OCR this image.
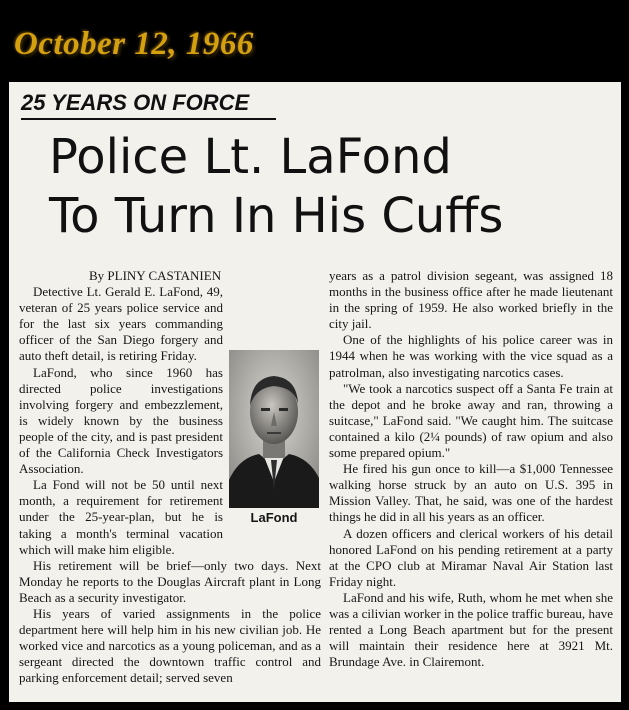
October 12, 1966
25 YEARS ON FORCE
Police Lt. LaFond
To Turn In His Cuffs

By PLINY CASTANIEN

LaFond

Detective Lt. Gerald E. LaFond, 49, veteran of 25 years police service and for the last six years commanding officer of the San Diego forgery and auto theft detail, is retiring Friday.

LaFond, who since 1960 has directed police investigations involving forgery and embezzlement, is widely known by the business people of the city, and is past president of the California Check Investigators Association.

La Fond will not be 50 until next month, a requirement for retirement under the 25-year-plan, but he is taking a month's terminal vacation which will make him eligible.

His retirement will be brief—only two days. Next Monday he reports to the Douglas Aircraft plant in Long Beach as a security investigator.

His years of varied assignments in the police department here will help him in his new civilian job. He worked vice and narcotics as a young policeman, and as a sergeant directed the downtown traffic control and parking enforcement detail; served seven

years as a patrol division segeant, was assigned 18 months in the business office after he made lieutenant in the spring of 1959. He also worked briefly in the city jail.

One of the highlights of his police career was in 1944 when he was working with the vice squad as a patrolman, also investigating narcotics cases.

"We took a narcotics suspect off a Santa Fe train at the depot and he broke away and ran, throwing a suitcase," LaFond said. "We caught him. The suitcase contained a kilo (2¼ pounds) of raw opium and also some prepared opium."

He fired his gun once to kill—a $1,000 Tennessee walking horse struck by an auto on U.S. 395 in Mission Valley. That, he said, was one of the hardest things he did in all his years as an officer.

A dozen officers and clerical workers of his detail honored LaFond on his pending retirement at a party at the CPO club at Miramar Naval Air Station last Friday night.

LaFond and his wife, Ruth, whom he met when she was a cilivian worker in the police traffic bureau, have rented a Long Beach apartment but for the present will maintain their residence here at 3921 Mt. Brundage Ave. in Clairemont.
